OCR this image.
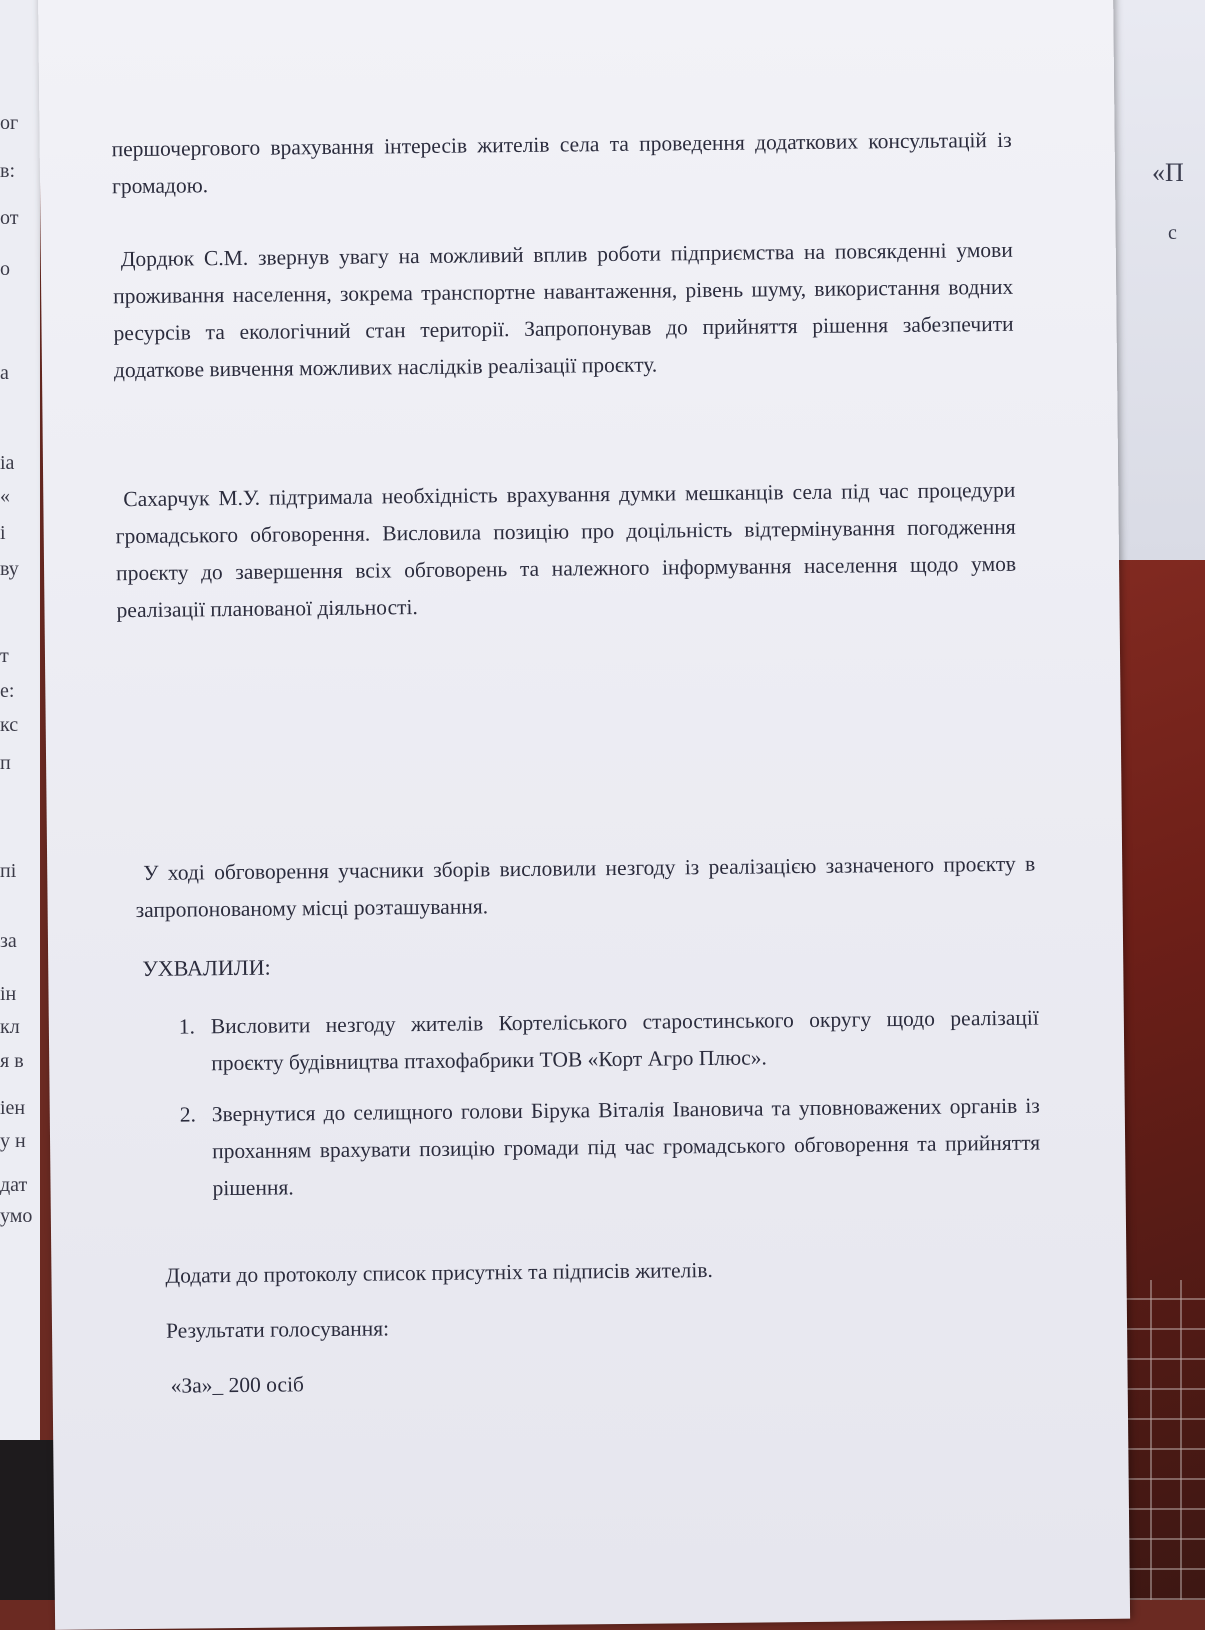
ог
в:
от
о
а
іа
«
і
ву
т
е:
кс
п
пі
за
ін
кл
я в
іен
у н
дат
умо
«П
с

першочергового врахування інтересів жителів села та проведення додаткових консультацій із громадою.

Дордюк С.М. звернув увагу на можливий вплив роботи підприємства на повсякденні умови проживання населення, зокрема транспортне навантаження, рівень шуму, використання водних ресурсів та екологічний стан території. Запропонував до прийняття рішення забезпечити додаткове вивчення можливих наслідків реалізації проєкту.

Сахарчук М.У. підтримала необхідність врахування думки мешканців села під час процедури громадського обговорення. Висловила позицію про доцільність відтермінування погодження проєкту до завершення всіх обговорень та належного інформування населення щодо умов реалізації планованої діяльності.

У ході обговорення учасники зборів висловили незгоду із реалізацією зазначеного проєкту в запропонованому місці розташування.

УХВАЛИЛИ:

1. Висловити незгоду жителів Кортеліського старостинського округу щодо реалізації проєкту будівництва птахофабрики ТОВ «Корт Агро Плюс».
2. Звернутися до селищного голови Бірука Віталія Івановича та уповноважених органів із проханням врахувати позицію громади під час громадського обговорення та прийняття рішення.

Додати до протоколу список присутніх та підписів жителів.

Результати голосування:

«За»_ 200 осіб
